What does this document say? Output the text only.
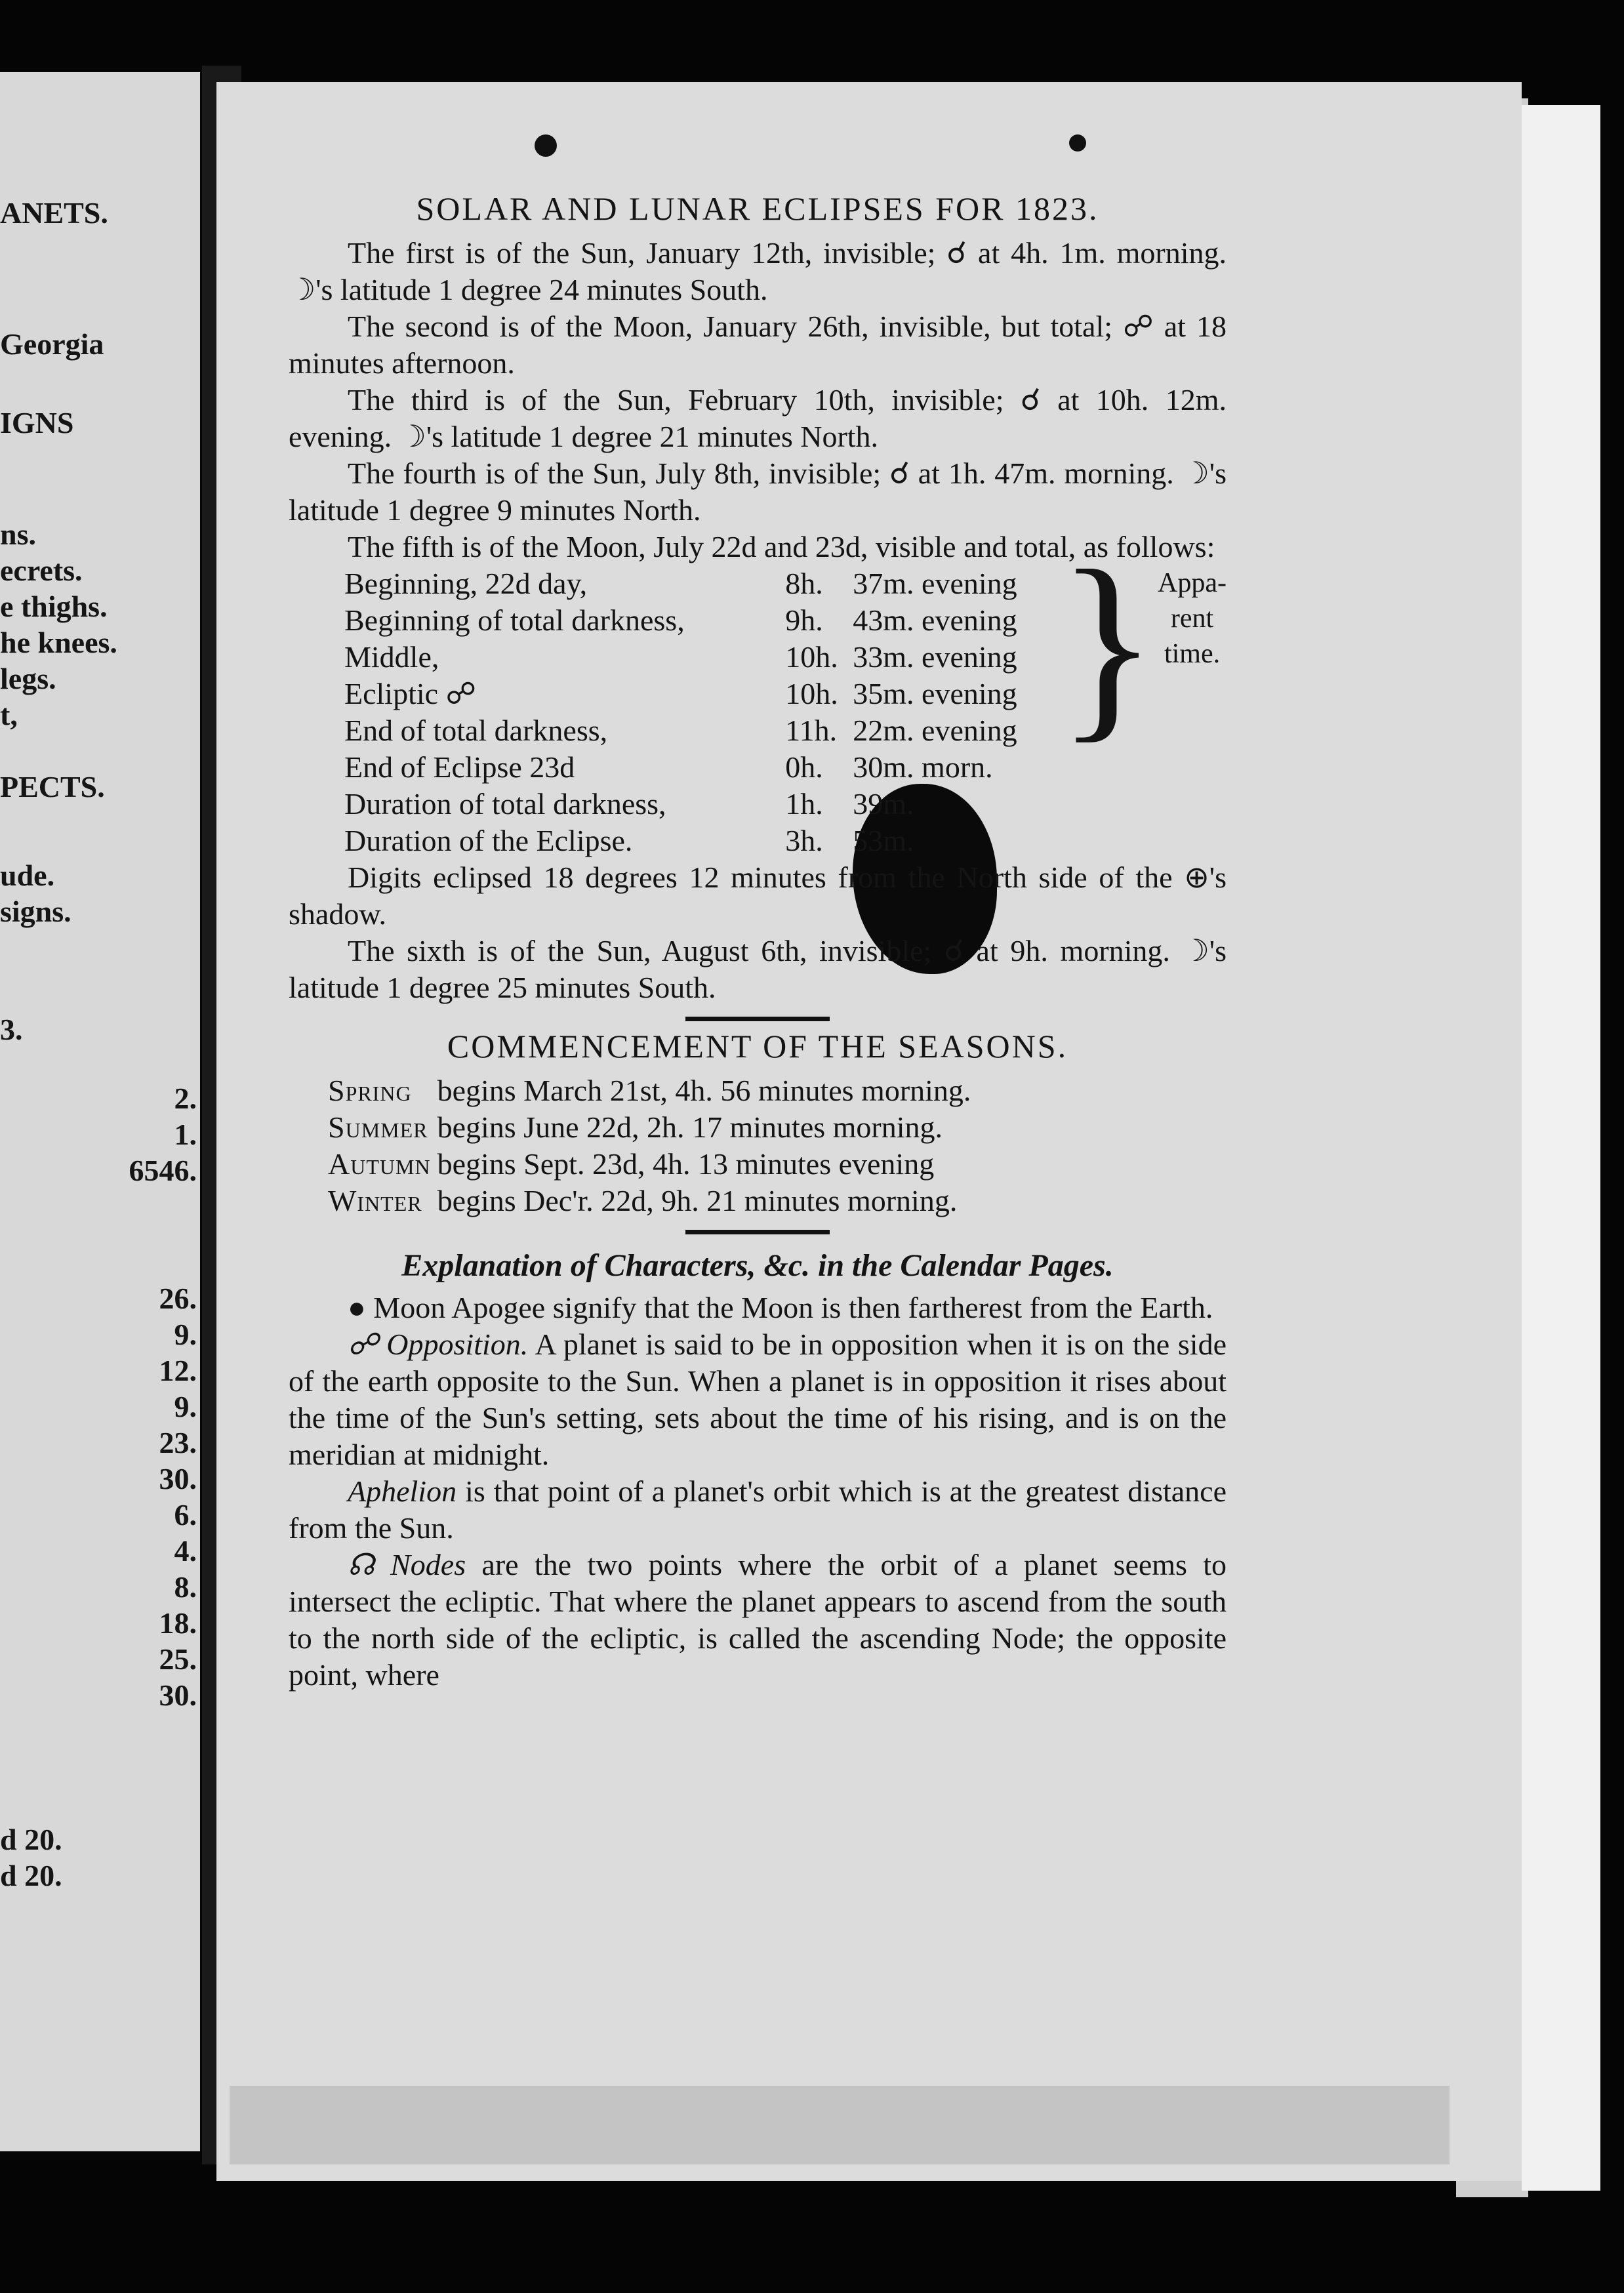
ANETS.
Georgia
IGNS
ns.
ecrets.
e thighs.
he knees.
legs.
t,
PECTS.
ude.
signs.
3.
2.
1.
6546.
26.
9.
12.
9.
23.
30.
6.
4.
8.
18.
25.
30.
d 20.
d 20.
SOLAR AND LUNAR ECLIPSES FOR 1823.

The first is of the Sun, January 12th, invisible; ☌ at 4h. 1m. morning. ☽'s latitude 1 degree 24 minutes South.

The second is of the Moon, January 26th, invisible, but total; ☍ at 18 minutes afternoon.

The third is of the Sun, February 10th, invisible; ☌ at 10h. 12m. evening. ☽'s latitude 1 degree 21 minutes North.

The fourth is of the Sun, July 8th, invisible; ☌ at 1h. 47m. morning. ☽'s latitude 1 degree 9 minutes North.

The fifth is of the Moon, July 22d and 23d, visible and total, as follows:

Beginning, 22d day,	8h.	37m. evening	}	Appa-
rent
time.

Beginning of total darkness,	9h.	43m. evening		
Middle,	10h.	33m. evening		
Ecliptic ☍	10h.	35m. evening		
End of total darkness,	11h.	22m. evening		
End of Eclipse 23d	0h.	30m. morn.		
Duration of total darkness,	1h.	39m.		
Duration of the Eclipse.	3h.	53m.		

Digits eclipsed 18 degrees 12 minutes from the North side of the ⊕'s shadow.

The sixth is of the Sun, August 6th, invisible; ☌ at 9h. morning. ☽'s latitude 1 degree 25 minutes South.

COMMENCEMENT OF THE SEASONS.
Spring	begins March 21st, 4h. 56 minutes morning.
Summer	begins June 22d, 2h. 17 minutes morning.
Autumn	begins Sept. 23d, 4h. 13 minutes evening
Winter	begins Dec'r. 22d, 9h. 21 minutes morning.
Explanation of Characters, &c. in the Calendar Pages.

● Moon Apogee signify that the Moon is then fartherest from the Earth.

☍ Opposition. A planet is said to be in opposition when it is on the side of the earth opposite to the Sun. When a planet is in opposition it rises about the time of the Sun's setting, sets about the time of his rising, and is on the meridian at midnight.

Aphelion is that point of a planet's orbit which is at the greatest distance from the Sun.

☊ Nodes are the two points where the orbit of a planet seems to intersect the ecliptic. That where the planet appears to ascend from the south to the north side of the ecliptic, is called the ascending Node; the opposite point, where
